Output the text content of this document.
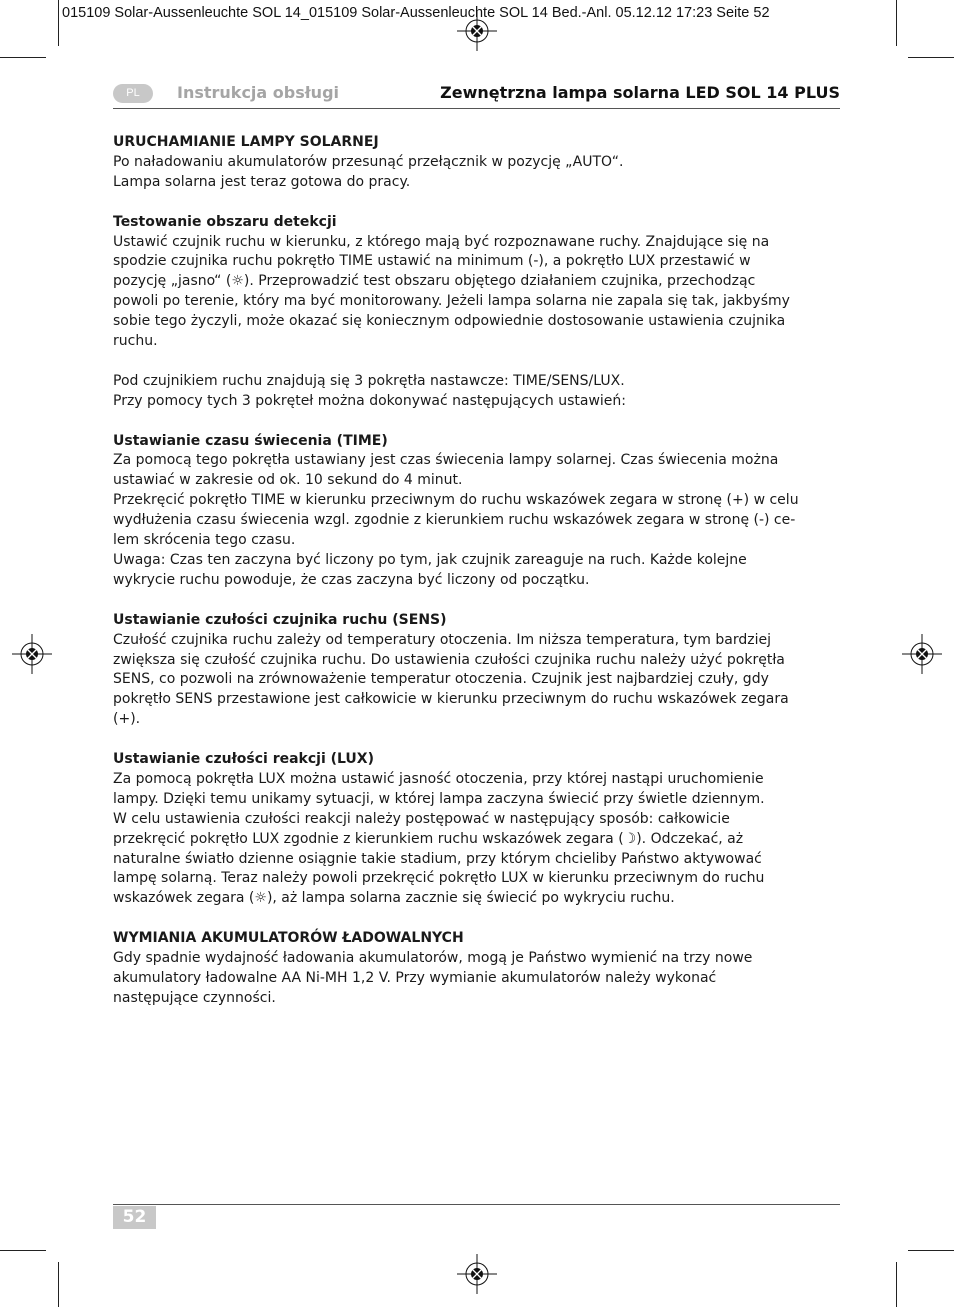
015109 Solar-Aussenleuchte SOL 14_015109 Solar-Aussenleuchte SOL 14 Bed.-Anl. 05.12.12 17:23 Seite 52
PL	Instrukcja obsługi	Zewnętrzna lampa solarna LED SOL 14 PLUS

URUCHAMIANIE LAMPY SOLARNEJ

Po naładowaniu akumulatorów przesunąć przełącznik w pozycję „AUTO“.

Lampa solarna jest teraz gotowa do pracy.

Testowanie obszaru detekcji

Ustawić czujnik ruchu w kierunku, z którego mają być rozpoznawane ruchy. Znajdujące się na

spodzie czujnika ruchu pokrętło TIME ustawić na minimum (-), a pokrętło LUX przestawić w

pozycję „jasno“ (☼). Przeprowadzić test obszaru objętego działaniem czujnika, przechodząc

powoli po terenie, który ma być monitorowany. Jeżeli lampa solarna nie zapala się tak, jakbyśmy

sobie tego życzyli, może okazać się koniecznym odpowiednie dostosowanie ustawienia czujnika

ruchu.

Pod czujnikiem ruchu znajdują się 3 pokrętła nastawcze: TIME/SENS/LUX.

Przy pomocy tych 3 pokręteł można dokonywać następujących ustawień:

Ustawianie czasu świecenia (TIME)

Za pomocą tego pokrętła ustawiany jest czas świecenia lampy solarnej. Czas świecenia można

ustawiać w zakresie od ok. 10 sekund do 4 minut.

Przekręcić pokrętło TIME w kierunku przeciwnym do ruchu wskazówek zegara w stronę (+) w celu

wydłużenia czasu świecenia wzgl. zgodnie z kierunkiem ruchu wskazówek zegara w stronę (-) ce-

lem skrócenia tego czasu.

Uwaga: Czas ten zaczyna być liczony po tym, jak czujnik zareaguje na ruch. Każde kolejne

wykrycie ruchu powoduje, że czas zaczyna być liczony od początku.

Ustawianie czułości czujnika ruchu (SENS)

Czułość czujnika ruchu zależy od temperatury otoczenia. Im niższa temperatura, tym bardziej

zwiększa się czułość czujnika ruchu. Do ustawienia czułości czujnika ruchu należy użyć pokrętła

SENS, co pozwoli na zrównoważenie temperatur otoczenia. Czujnik jest najbardziej czuły, gdy

pokrętło SENS przestawione jest całkowicie w kierunku przeciwnym do ruchu wskazówek zegara

(+).

Ustawianie czułości reakcji (LUX)

Za pomocą pokrętła LUX można ustawić jasność otoczenia, przy której nastąpi uruchomienie

lampy. Dzięki temu unikamy sytuacji, w której lampa zaczyna świecić przy świetle dziennym.

W celu ustawienia czułości reakcji należy postępować w następujący sposób: całkowicie

przekręcić pokrętło LUX zgodnie z kierunkiem ruchu wskazówek zegara (☽). Odczekać, aż

naturalne światło dzienne osiągnie takie stadium, przy którym chcieliby Państwo aktywować

lampę solarną. Teraz należy powoli przekręcić pokrętło LUX w kierunku przeciwnym do ruchu

wskazówek zegara (☼), aż lampa solarna zacznie się świecić po wykryciu ruchu.

WYMIANIA AKUMULATORÓW ŁADOWALNYCH

Gdy spadnie wydajność ładowania akumulatorów, mogą je Państwo wymienić na trzy nowe

akumulatory ładowalne AA Ni-MH 1,2 V. Przy wymianie akumulatorów należy wykonać

następujące czynności.

52
